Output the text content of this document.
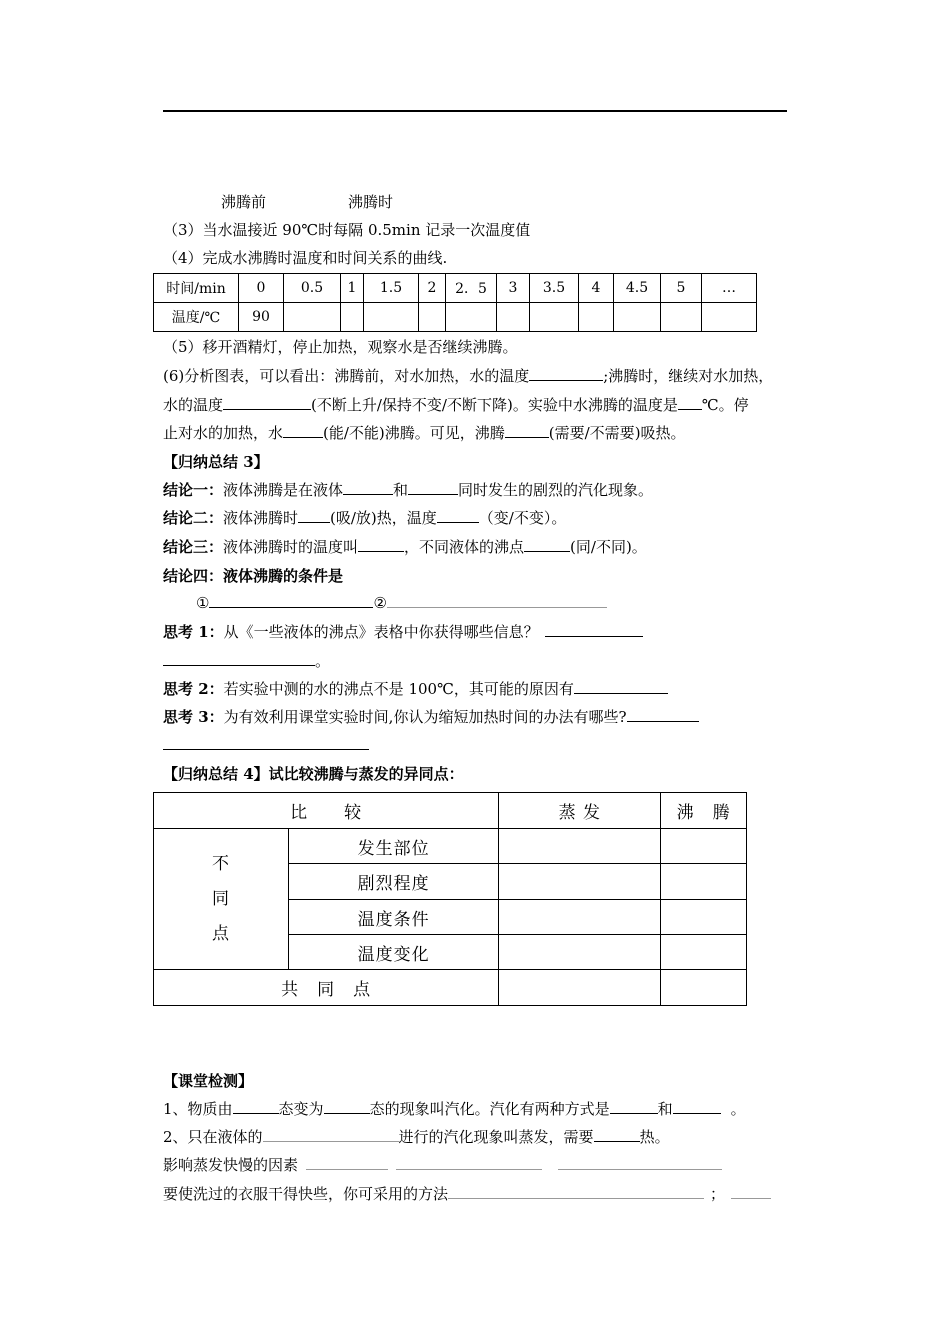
沸腾前	沸腾时
（3）当水温接近 90℃时每隔 0.5min 记录一次温度值
（4）完成水沸腾时温度和时间关系的曲线.
时间/min	0	0.5	1	1.5	2	2．5	3	3.5	4	4.5	5	…
温度/℃	90											
（5）移开酒精灯，停止加热，观察水是否继续沸腾。
(6)分析图表，可以看出：沸腾前，对水加热，水的温度	;沸腾时，继续对水加热，
水的温度	(不断上升/保持不变/不断下降)。实验中水沸腾的温度是 ℃。停
止对水的加热，水	(能/不能)沸腾。可见，沸腾	(需要/不需要)吸热。
【归纳总结 3】
结论一：液体沸腾是在液体	和	同时发生的剧烈的汽化现象。
结论二：液体沸腾时 (吸/放)热，温度	（变/不变）。
结论三：液体沸腾时的温度叫	，不同液体的沸点	(同/不同)。
结论四：液体沸腾的条件是
①	②
思考 1：从《一些液体的沸点》表格中你获得哪些信息？
。
思考 2：若实验中测的水的沸点不是 100℃，其可能的原因有
思考 3：为有效利用课堂实验时间,你认为缩短加热时间的办法有哪些?
【归纳总结 4】试比较沸腾与蒸发的异同点：
比　　较		蒸 发	沸　腾

不
同
点	发生部位		
	剧烈程度		
	温度条件		
	温度变化		
共　同　点			
【课堂检测】
1、物质由	态变为	态的现象叫汽化。汽化有两种方式是	和	。
2、只在液体的	进行的汽化现象叫蒸发，需要	热。
影响蒸发快慢的因素
要使洗过的衣服干得快些，你可采用的方法	；
